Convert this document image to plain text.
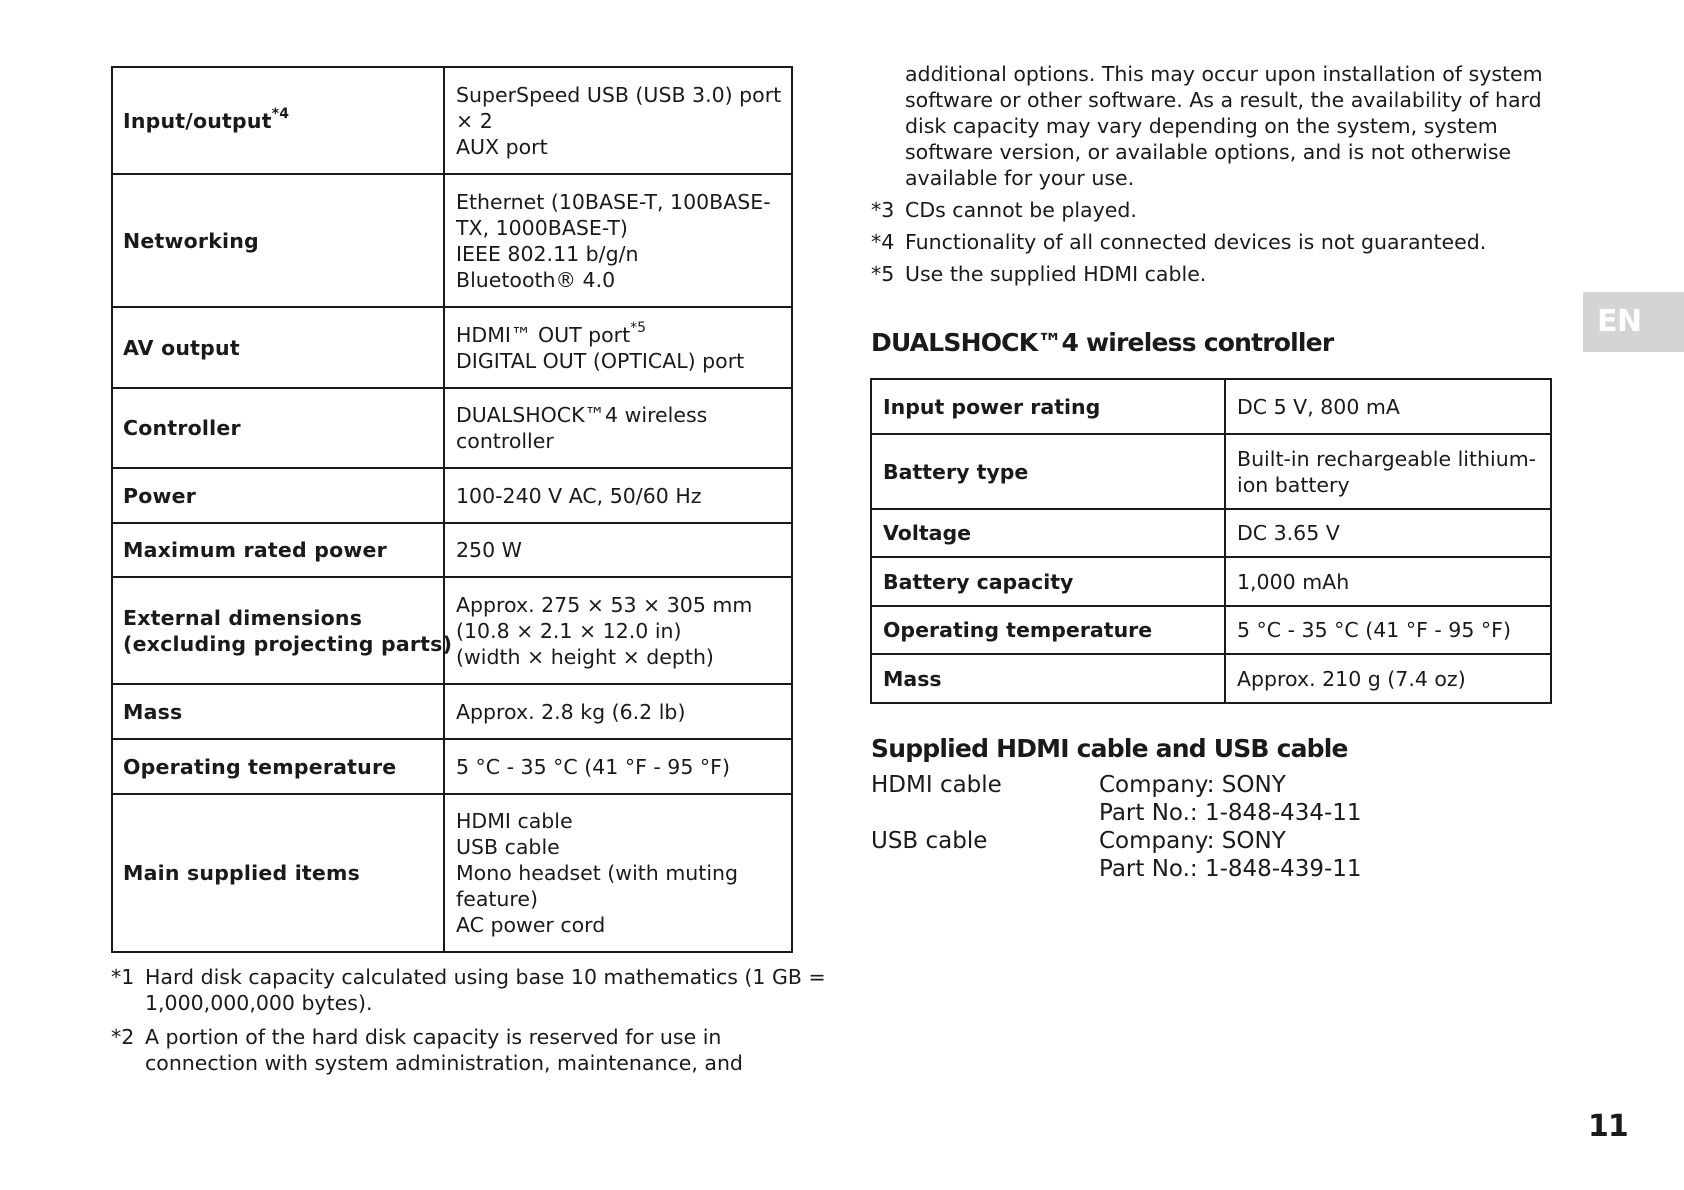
Input/output$^{*4}$	SuperSpeed USB (USB 3.0) port
× 2
AUX port

Networking	Ethernet (10BASE-T, 100BASE-
TX, 1000BASE-T)
IEEE 802.11 b/g/n
Bluetooth® 4.0

AV output	HDMI™ OUT port$^{*5}$
DIGITAL OUT (OPTICAL) port

Controller	DUALSHOCK™4 wireless
controller

Power	100-240 V AC, 50/60 Hz

Maximum rated power	250 W

External dimensions
(excluding projecting parts)	Approx. 275 × 53 × 305 mm
(10.8 × 2.1 × 12.0 in)
(width × height × depth)

Mass	Approx. 2.8 kg (6.2 lb)

Operating temperature	5 °C - 35 °C (41 °F - 95 °F)

Main supplied items	HDMI cable
USB cable
Mono headset (with muting
feature)
AC power cord
*1 Hard disk capacity calculated using base 10 mathematics (1 GB =
1,000,000,000 bytes).
*2 A portion of the hard disk capacity is reserved for use in
connection with system administration, maintenance, and
additional options. This may occur upon installation of system
software or other software. As a result, the availability of hard
disk capacity may vary depending on the system, system
software version, or available options, and is not otherwise
available for your use.
*3 CDs cannot be played.
*4 Functionality of all connected devices is not guaranteed.
*5 Use the supplied HDMI cable.
DUALSHOCK™4 wireless controller
Input power rating	DC 5 V, 800 mA

Battery type	Built-in rechargeable lithium-
ion battery

Voltage	DC 3.65 V

Battery capacity	1,000 mAh

Operating temperature	5 °C - 35 °C (41 °F - 95 °F)

Mass	Approx. 210 g (7.4 oz)
Supplied HDMI cable and USB cable
HDMI cable	Company: SONY
Part No.: 1-848-434-11
USB cable	Company: SONY
Part No.: 1-848-439-11
EN
11
